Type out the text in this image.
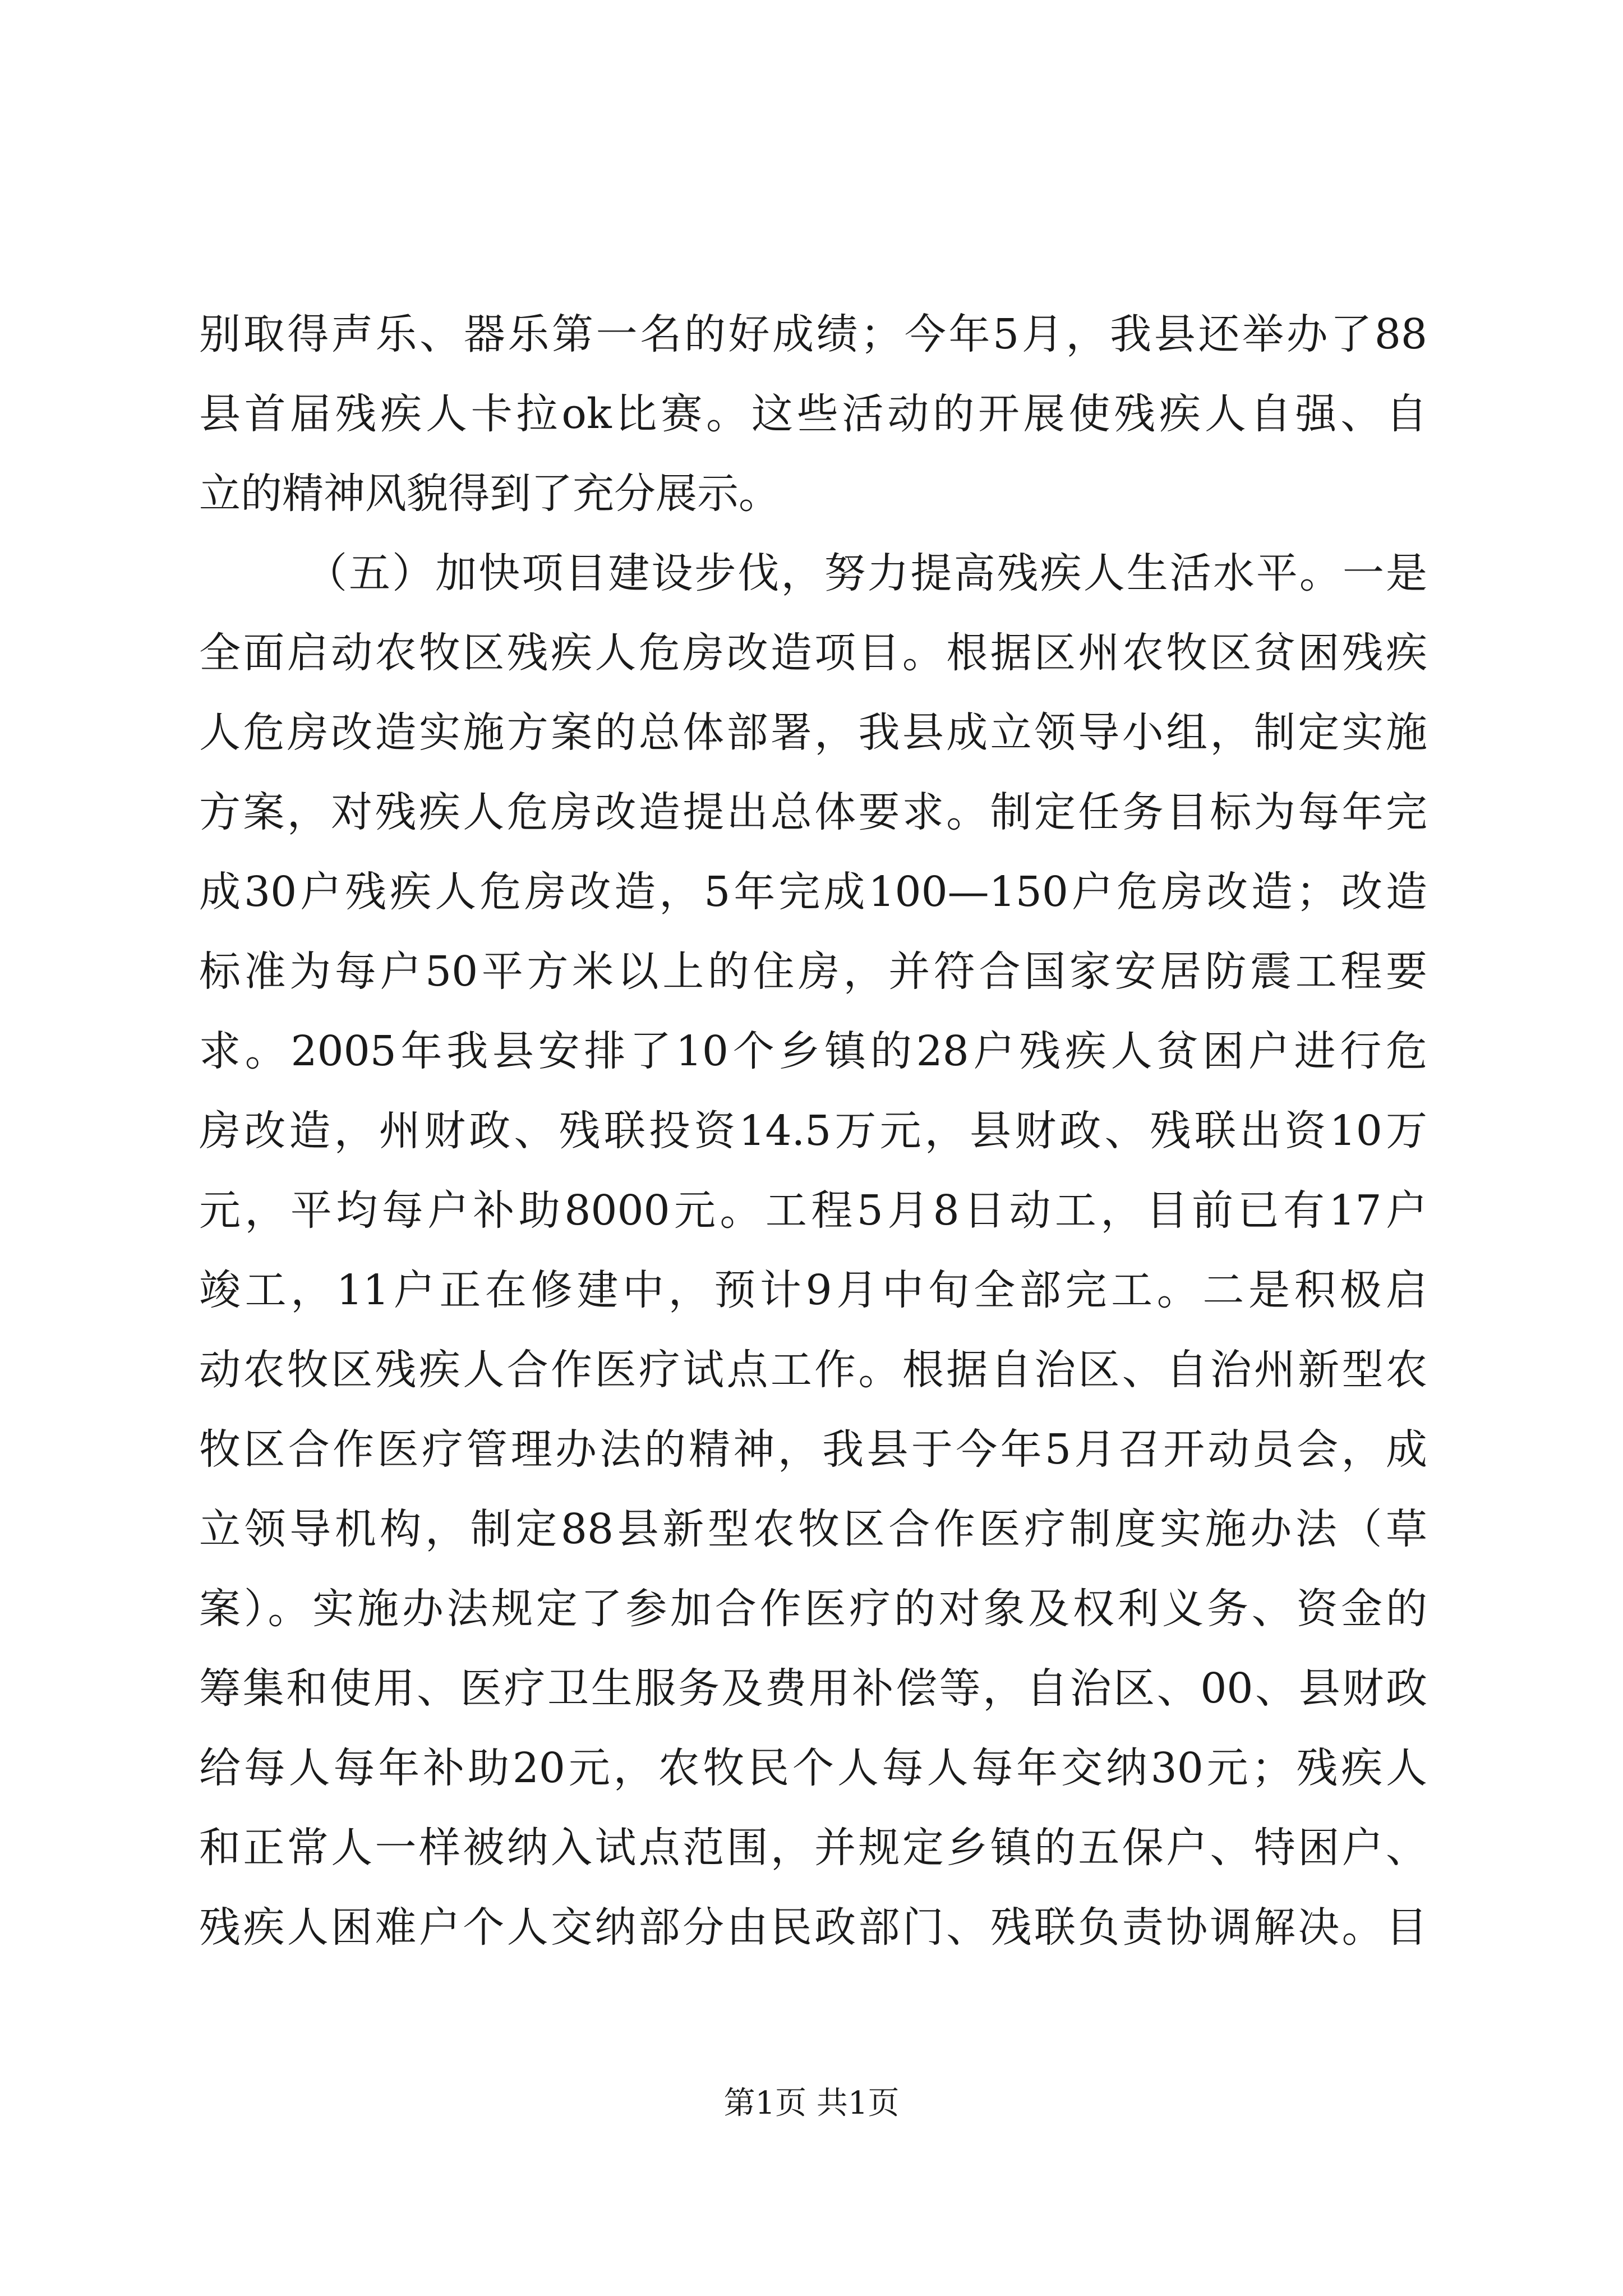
别取得声乐、器乐第一名的好成绩；今年5月，我县还举办了88
县首届残疾人卡拉ok比赛。这些活动的开展使残疾人自强、自
立的精神风貌得到了充分展示。
（五）加快项目建设步伐，努力提高残疾人生活水平。一是
全面启动农牧区残疾人危房改造项目。根据区州农牧区贫困残疾
人危房改造实施方案的总体部署，我县成立领导小组，制定实施
方案，对残疾人危房改造提出总体要求。制定任务目标为每年完
成30户残疾人危房改造，5年完成100—150户危房改造；改造
标准为每户50平方米以上的住房，并符合国家安居防震工程要
求。2005年我县安排了10个乡镇的28户残疾人贫困户进行危
房改造，州财政、残联投资14.5万元，县财政、残联出资10万
元，平均每户补助8000元。工程5月8日动工，目前已有17户
竣工，11户正在修建中，预计9月中旬全部完工。二是积极启
动农牧区残疾人合作医疗试点工作。根据自治区、自治州新型农
牧区合作医疗管理办法的精神，我县于今年5月召开动员会，成
立领导机构，制定88县新型农牧区合作医疗制度实施办法（草
案）。实施办法规定了参加合作医疗的对象及权利义务、资金的
筹集和使用、医疗卫生服务及费用补偿等，自治区、00、县财政
给每人每年补助20元，农牧民个人每人每年交纳30元；残疾人
和正常人一样被纳入试点范围，并规定乡镇的五保户、特困户、
残疾人困难户个人交纳部分由民政部门、残联负责协调解决。目
第1页 共1页
